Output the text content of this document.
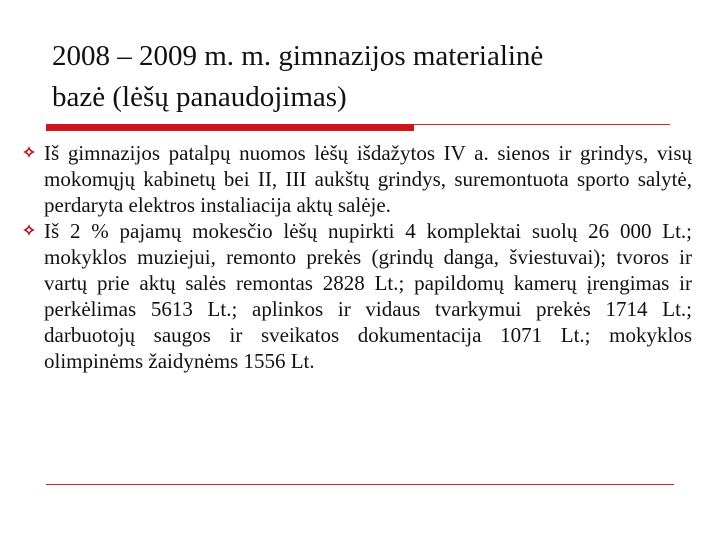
2008 – 2009 m. m. gimnazijos materialinė
bazė (lėšų panaudojimas)
Iš gimnazijos patalpų nuomos lėšų išdažytos IV a. sienos ir grindys, visų mokomųjų kabinetų bei II, III aukštų grindys, suremontuota sporto salytė, perdaryta elektros instaliacija aktų salėje.
Iš 2 % pajamų mokesčio lėšų nupirkti 4 komplektai suolų 26 000 Lt.; mokyklos muziejui, remonto prekės (grindų danga, šviestuvai); tvoros ir vartų prie aktų salės remontas 2828 Lt.; papildomų kamerų įrengimas ir perkėlimas 5613 Lt.; aplinkos ir vidaus tvarkymui prekės 1714 Lt.; darbuotojų saugos ir sveikatos dokumentacija 1071 Lt.; mokyklos olimpinėms žaidynėms 1556 Lt.
